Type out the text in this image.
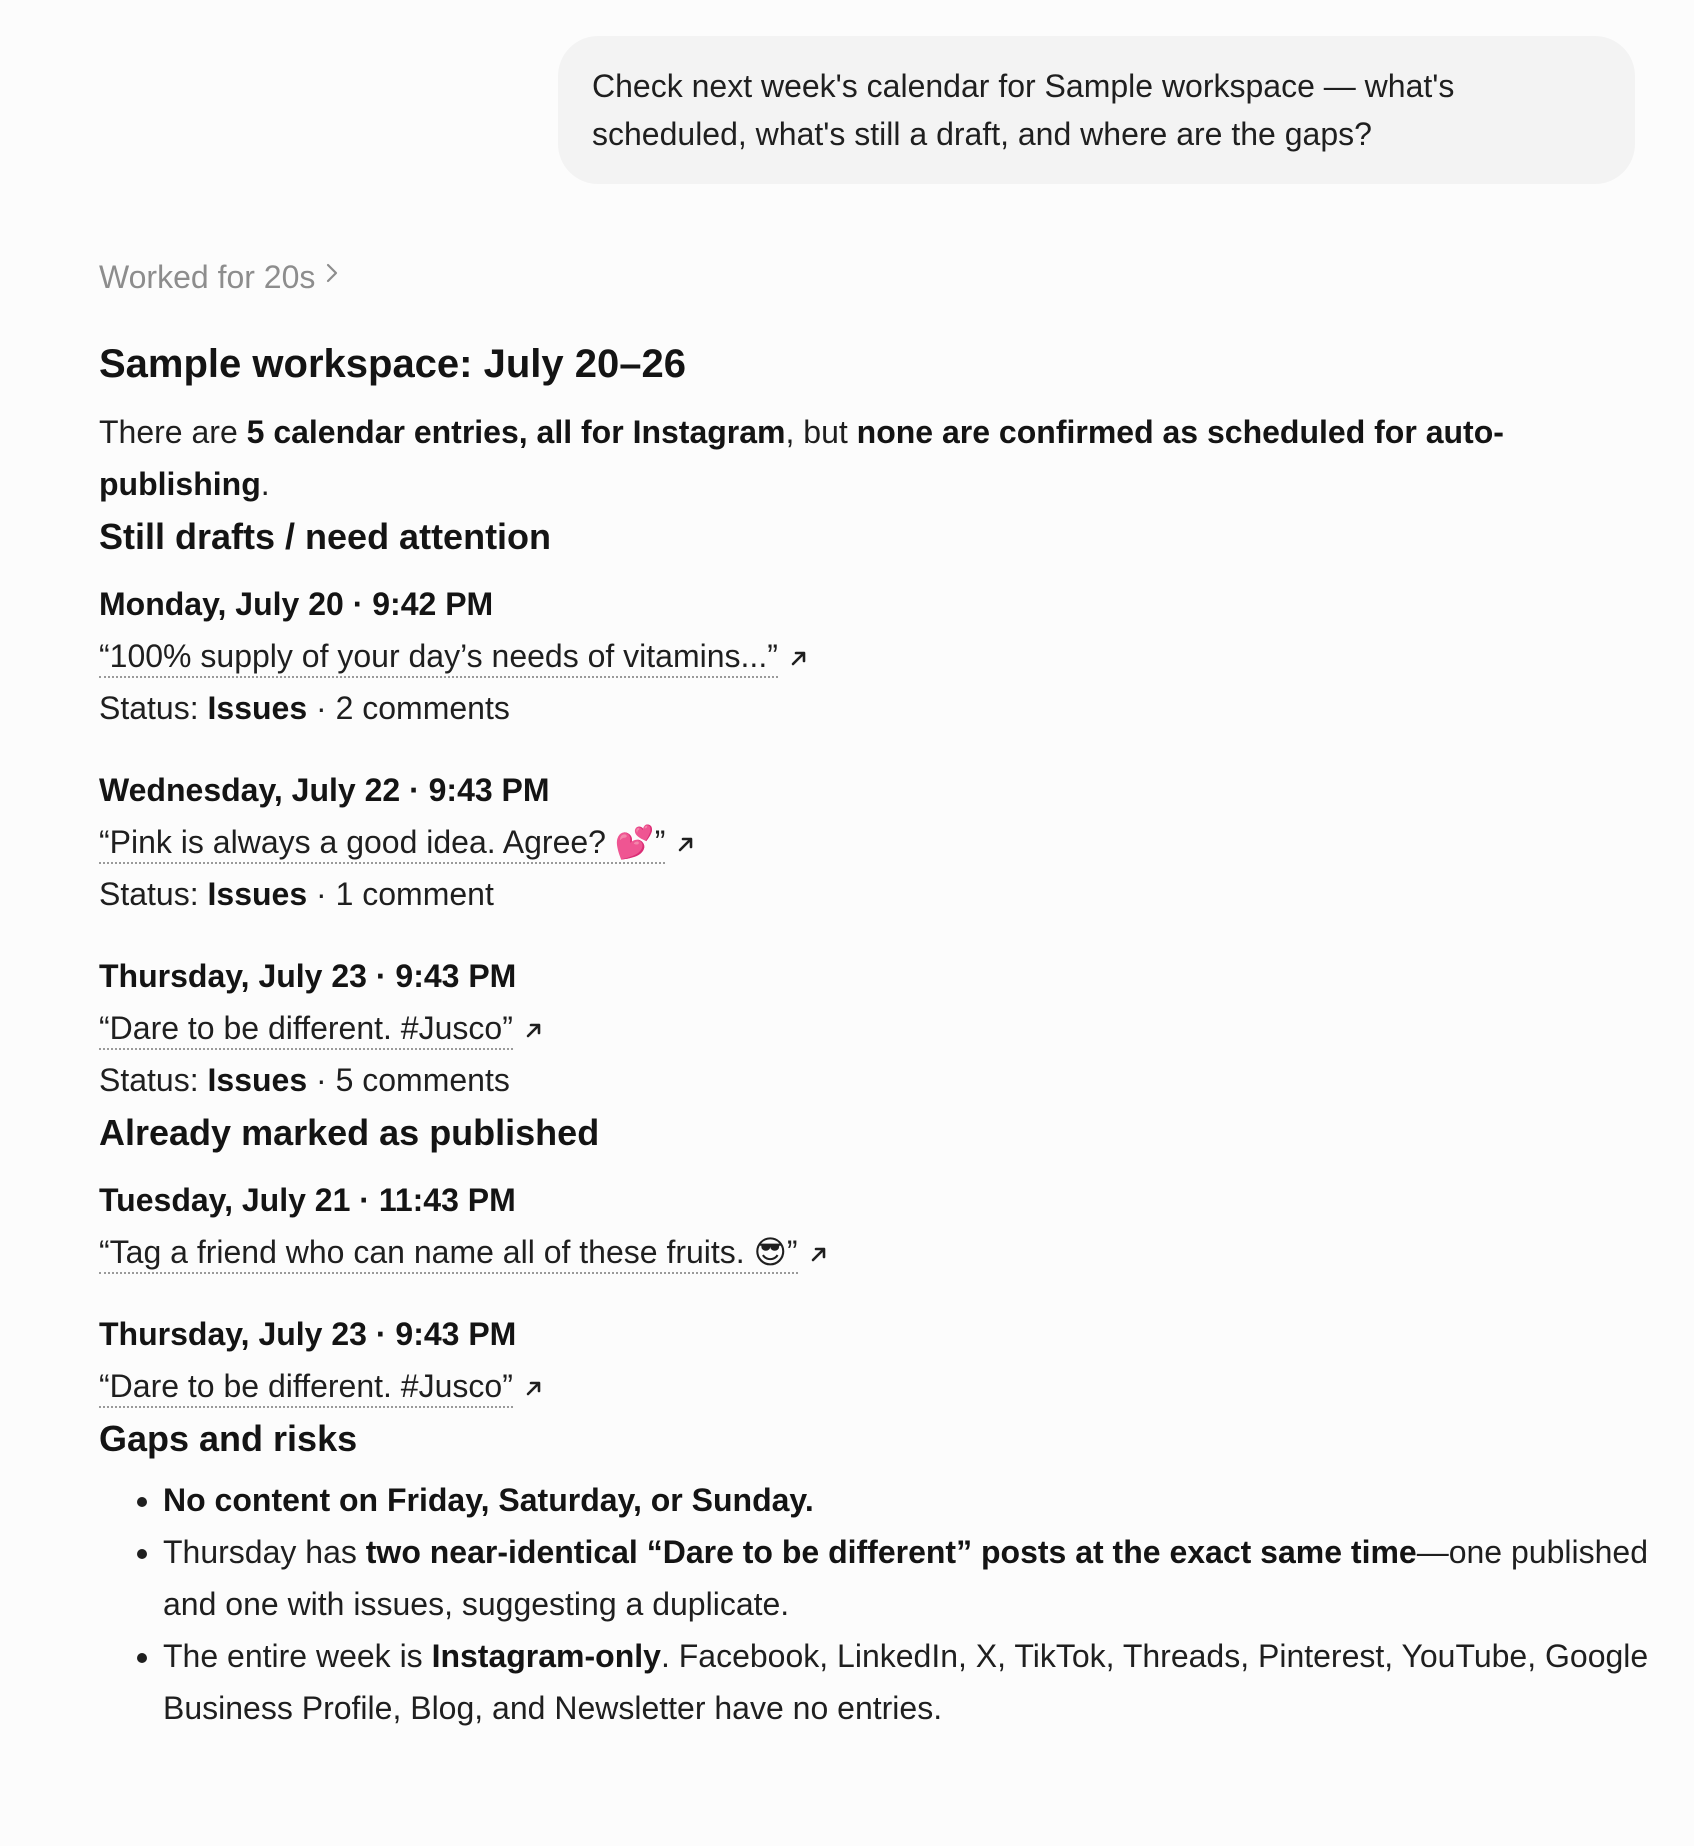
Check next week's calendar for Sample workspace — what's scheduled, what's still a draft, and where are the gaps?
Worked for 20s
Sample workspace: July 20–26

There are 5 calendar entries, all for Instagram, but none are confirmed as scheduled for auto-publishing.

Still drafts / need attention
Monday, July 20 · 9:42 PM
“100% supply of your day’s needs of vitamins...”
Status: Issues · 2 comments
Wednesday, July 22 · 9:43 PM
“Pink is always a good idea. Agree? 💕”
Status: Issues · 1 comment
Thursday, July 23 · 9:43 PM
“Dare to be different. #Jusco”
Status: Issues · 5 comments
Already marked as published
Tuesday, July 21 · 11:43 PM
“Tag a friend who can name all of these fruits. 😎”
Thursday, July 23 · 9:43 PM
“Dare to be different. #Jusco”
Gaps and risks
• No content on Friday, Saturday, or Sunday.
• Thursday has two near-identical “Dare to be different” posts at the exact same time—one published and one with issues, suggesting a duplicate.
• The entire week is Instagram-only. Facebook, LinkedIn, X, TikTok, Threads, Pinterest, YouTube, Google Business Profile, Blog, and Newsletter have no entries.
